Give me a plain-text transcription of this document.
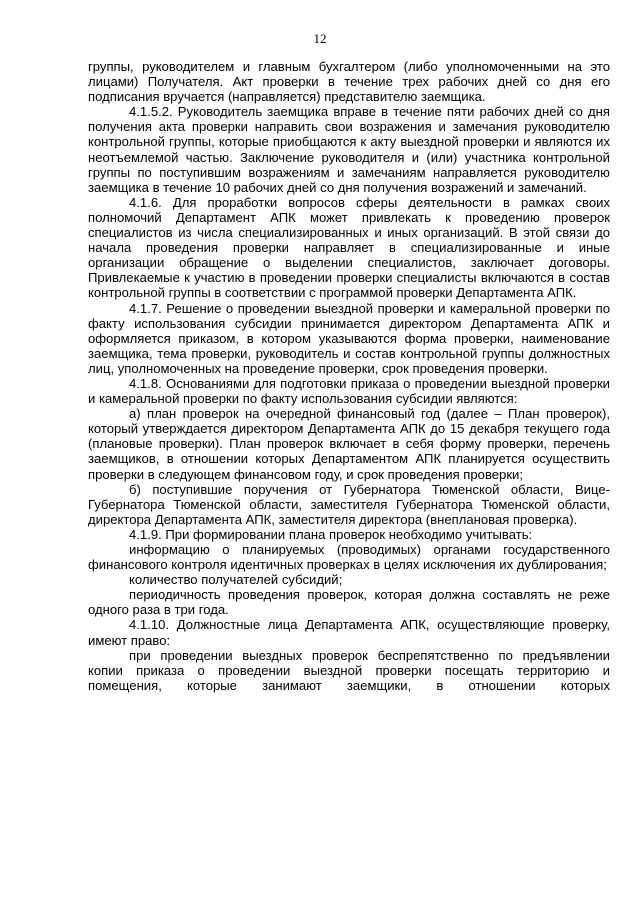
12

группы, руководителем и главным бухгалтером (либо уполномоченными на это лицами) Получателя. Акт проверки в течение трех рабочих дней со дня его подписания вручается (направляется) представителю заемщика.

4.1.5.2. Руководитель заемщика вправе в течение пяти рабочих дней со дня получения акта проверки направить свои возражения и замечания руководителю контрольной группы, которые приобщаются к акту выездной проверки и являются их неотъемлемой частью. Заключение руководителя и (или) участника контрольной группы по поступившим возражениям и замечаниям направляется руководителю заемщика в течение 10 рабочих дней со дня получения возражений и замечаний.

4.1.6. Для проработки вопросов сферы деятельности в рамках своих полномочий Департамент АПК может привлекать к проведению проверок специалистов из числа специализированных и иных организаций. В этой связи до начала проведения проверки направляет в специализированные и иные организации обращение о выделении специалистов, заключает договоры. Привлекаемые к участию в проведении проверки специалисты включаются в состав контрольной группы в соответствии с программой проверки Департамента АПК.

4.1.7. Решение о проведении выездной проверки и камеральной проверки по факту использования субсидии принимается директором Департамента АПК и оформляется приказом, в котором указываются форма проверки, наименование заемщика, тема проверки, руководитель и состав контрольной группы должностных лиц, уполномоченных на проведение проверки, срок проведения проверки.

4.1.8. Основаниями для подготовки приказа о проведении выездной проверки и камеральной проверки по факту использования субсидии являются:

а) план проверок на очередной финансовый год (далее – План проверок), который утверждается директором Департамента АПК до 15 декабря текущего года (плановые проверки). План проверок включает в себя форму проверки, перечень заемщиков, в отношении которых Департаментом АПК планируется осуществить проверки в следующем финансовом году, и срок проведения проверки;

б) поступившие поручения от Губернатора Тюменской области, Вице-Губернатора Тюменской области, заместителя Губернатора Тюменской области, директора Департамента АПК, заместителя директора (внеплановая проверка).

4.1.9. При формировании плана проверок необходимо учитывать:

информацию о планируемых (проводимых) органами государственного финансового контроля идентичных проверках в целях исключения их дублирования;

количество получателей субсидий;

периодичность проведения проверок, которая должна составлять не реже одного раза в три года.

4.1.10. Должностные лица Департамента АПК, осуществляющие проверку, имеют право:

при проведении выездных проверок беспрепятственно по предъявлении копии приказа о проведении выездной проверки посещать территорию и помещения, которые занимают заемщики, в отношении которых
